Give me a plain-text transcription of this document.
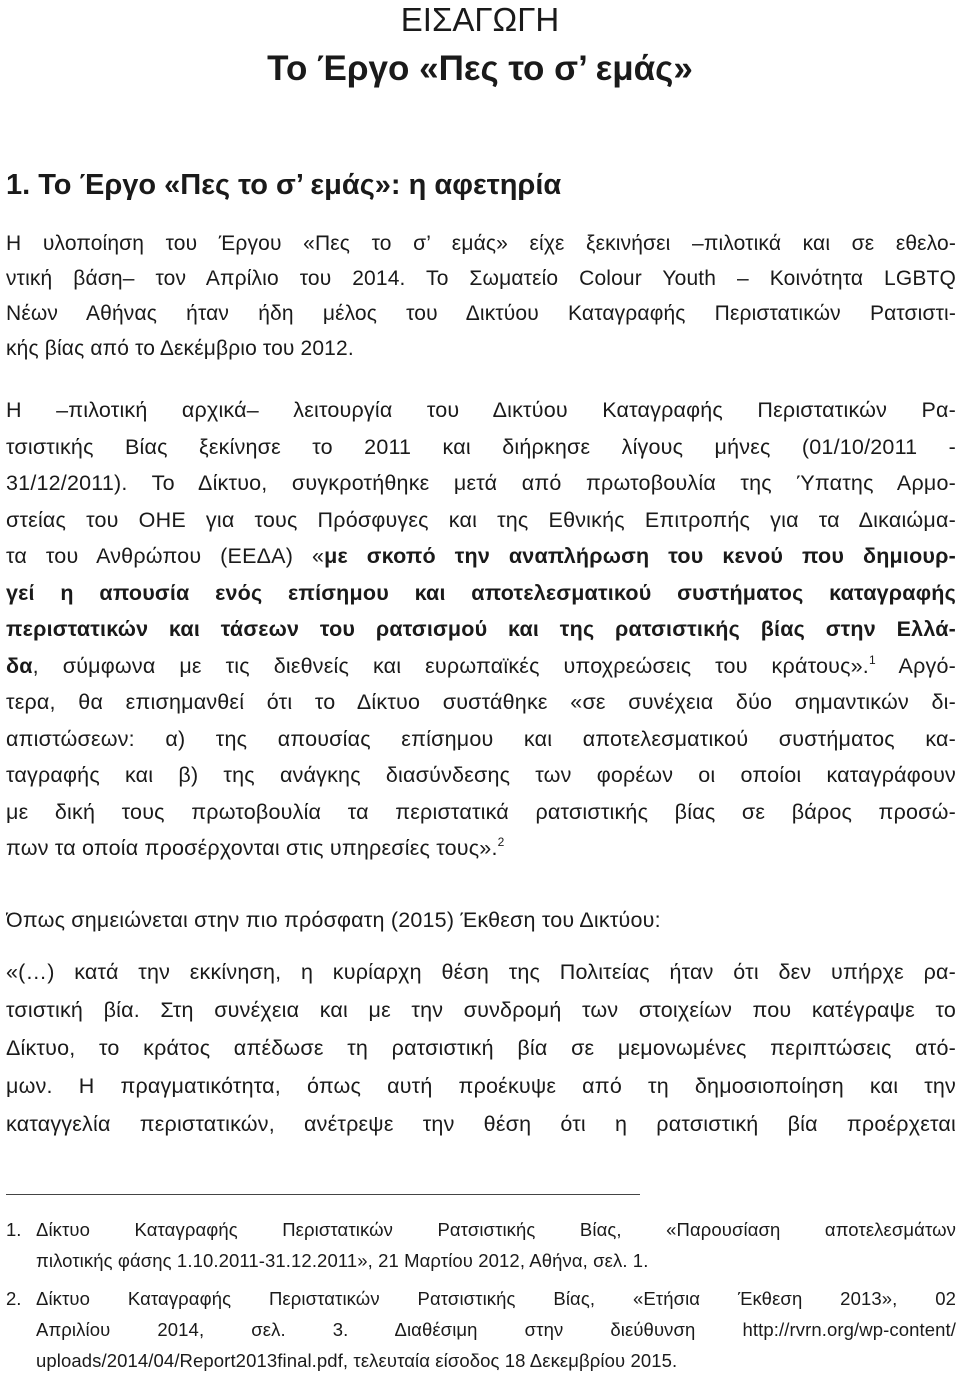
ΕΙΣΑΓΩΓΗ
Το Έργο «Πες το σ’ εμάς»
1. Το Έργο «Πες το σ’ εμάς»: η αφετηρία
Η υλοποίηση του Έργου «Πες το σ’ εμάς» είχε ξεκινήσει –πιλοτικά και σε εθελο-
ντική βάση– τον Απρίλιο του 2014. Το Σωματείο Colour Youth – Κοινότητα LGBTQ
Νέων Αθήνας ήταν ήδη μέλος του Δικτύου Καταγραφής Περιστατικών Ρατσιστι-
κής βίας από το Δεκέμβριο του 2012.
Η –πιλοτική αρχικά– λειτουργία του Δικτύου Καταγραφής Περιστατικών Ρα-
τσιστικής Βίας ξεκίνησε το 2011 και διήρκησε λίγους μήνες (01/10/2011 -
31/12/2011). Το Δίκτυο, συγκροτήθηκε μετά από πρωτοβουλία της Ύπατης Αρμο-
στείας του ΟΗΕ για τους Πρόσφυγες και της Εθνικής Επιτροπής για τα Δικαιώμα-
τα του Ανθρώπου (ΕΕΔΑ) «με σκοπό την αναπλήρωση του κενού που δημιουρ-
γεί η απουσία ενός επίσημου και αποτελεσματικού συστήματος καταγραφής
περιστατικών και τάσεων του ρατσισμού και της ρατσιστικής βίας στην Ελλά-
δα, σύμφωνα με τις διεθνείς και ευρωπαϊκές υποχρεώσεις του κράτους».$^1$ Αργό-
τερα, θα επισημανθεί ότι το Δίκτυο συστάθηκε «σε συνέχεια δύο σημαντικών δι-
απιστώσεων: α) της απουσίας επίσημου και αποτελεσματικού συστήματος κα-
ταγραφής και β) της ανάγκης διασύνδεσης των φορέων οι οποίοι καταγράφουν
με δική τους πρωτοβουλία τα περιστατικά ρατσιστικής βίας σε βάρος προσώ-
πων τα οποία προσέρχονται στις υπηρεσίες τους».$^2$
Όπως σημειώνεται στην πιο πρόσφατη (2015) Έκθεση του Δικτύου:
«(…) κατά την εκκίνηση, η κυρίαρχη θέση της Πολιτείας ήταν ότι δεν υπήρχε ρα-
τσιστική βία. Στη συνέχεια και με την συνδρομή των στοιχείων που κατέγραψε το
Δίκτυο, το κράτος απέδωσε τη ρατσιστική βία σε μεμονωμένες περιπτώσεις ατό-
μων. Η πραγματικότητα, όπως αυτή προέκυψε από τη δημοσιοποίηση και την
καταγγελία περιστατικών, ανέτρεψε την θέση ότι η ρατσιστική βία προέρχεται
1. Δίκτυο Καταγραφής Περιστατικών Ρατσιστικής Βίας, «Παρουσίαση αποτελεσμάτων
πιλοτικής φάσης 1.10.2011-31.12.2011», 21 Μαρτίου 2012, Αθήνα, σελ. 1.
2. Δίκτυο Καταγραφής Περιστατικών Ρατσιστικής Βίας, «Ετήσια Έκθεση 2013», 02
Απριλίου 2014, σελ. 3. Διαθέσιμη στην διεύθυνση http://rvrn.org/wp-content/
uploads/2014/04/Report2013final.pdf, τελευταία είσοδος 18 Δεκεμβρίου 2015.
